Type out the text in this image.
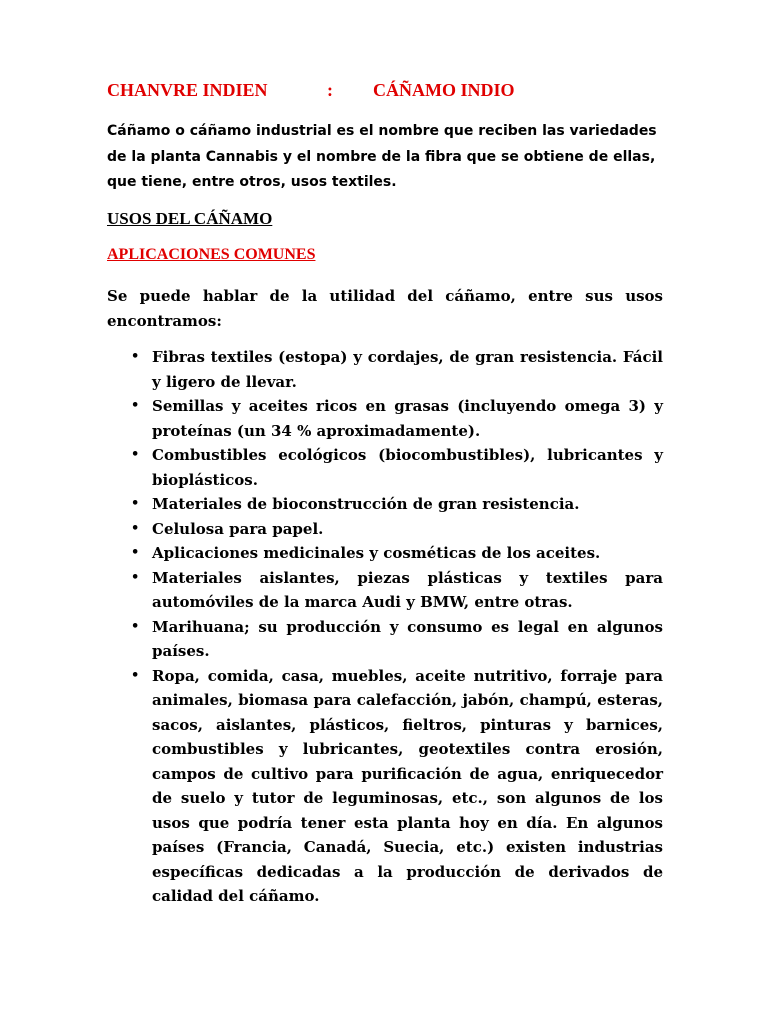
CHANVRE INDIEN	: CÁÑAMO INDIO

Cáñamo o cáñamo industrial es el nombre que reciben las variedades de la planta Cannabis y el nombre de la fibra que se obtiene de ellas, que tiene, entre otros, usos textiles.

USOS DEL CÁÑAMO
APLICACIONES COMUNES

Se puede hablar de la utilidad del cáñamo, entre sus usos encontramos:

• Fibras textiles (estopa) y cordajes, de gran resistencia. Fácil y ligero de llevar.
• Semillas y aceites ricos en grasas (incluyendo omega 3) y proteínas (un 34 % aproximadamente).
• Combustibles ecológicos (biocombustibles), lubricantes y bioplásticos.
• Materiales de bioconstrucción de gran resistencia.
• Celulosa para papel.
• Aplicaciones medicinales y cosméticas de los aceites.
• Materiales aislantes, piezas plásticas y textiles para automóviles de la marca Audi y BMW, entre otras.
• Marihuana; su producción y consumo es legal en algunos países.
• Ropa, comida, casa, muebles, aceite nutritivo, forraje para animales, biomasa para calefacción, jabón, champú, esteras, sacos, aislantes, plásticos, fieltros, pinturas y barnices, combustibles y lubricantes, geotextiles contra erosión, campos de cultivo para purificación de agua, enriquecedor de suelo y tutor de leguminosas, etc., son algunos de los usos que podría tener esta planta hoy en día. En algunos países (Francia, Canadá, Suecia, etc.) existen industrias específicas dedicadas a la producción de derivados de calidad del cáñamo.
